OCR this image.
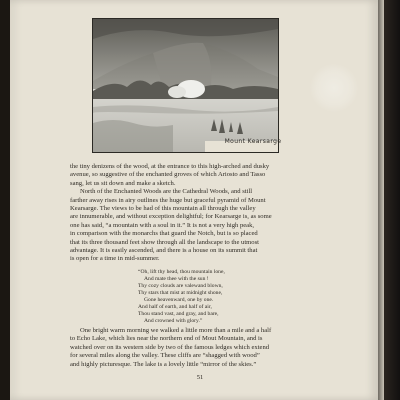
Mount Kearsarge
the tiny denizens of the wood, at the entrance to this high-arched and dusky
avenue, so suggestive of the enchanted groves of which Ariosto and Tasso
sang, let us sit down and make a sketch.
North of the Enchanted Woods are the Cathedral Woods, and still
farther away rises in airy outlines the huge but graceful pyramid of Mount
Kearsarge. The views to be had of this mountain all through the valley
are innumerable, and without exception delightful; for Kearsarge is, as some
one has said, “a mountain with a soul in it.” It is not a very high peak,
in comparison with the monarchs that guard the Notch, but is so placed
that its three thousand feet show through all the landscape to the utmost
advantage. It is easily ascended, and there is a house on its summit that
is open for a time in mid-summer.
“Oh, lift thy head, thou mountain lone,
And mate thee with the sun !
Thy cozy clouds are valewand blown,
Thy stars that mist at midnight shone,
Gone heavenward, one by one.
And half of earth, and half of air,
Thou stand vast, and gray, and bare,
And crowned with glory.”
One bright warm morning we walked a little more than a mile and a half
to Echo Lake, which lies near the northern end of Mout Mountain, and is
watched over on its western side by two of the famous ledges which extend
for several miles along the valley. These cliffs are “shagged with wood”
and highly picturesque. The lake is a lovely little “mirror of the skies.”
51
